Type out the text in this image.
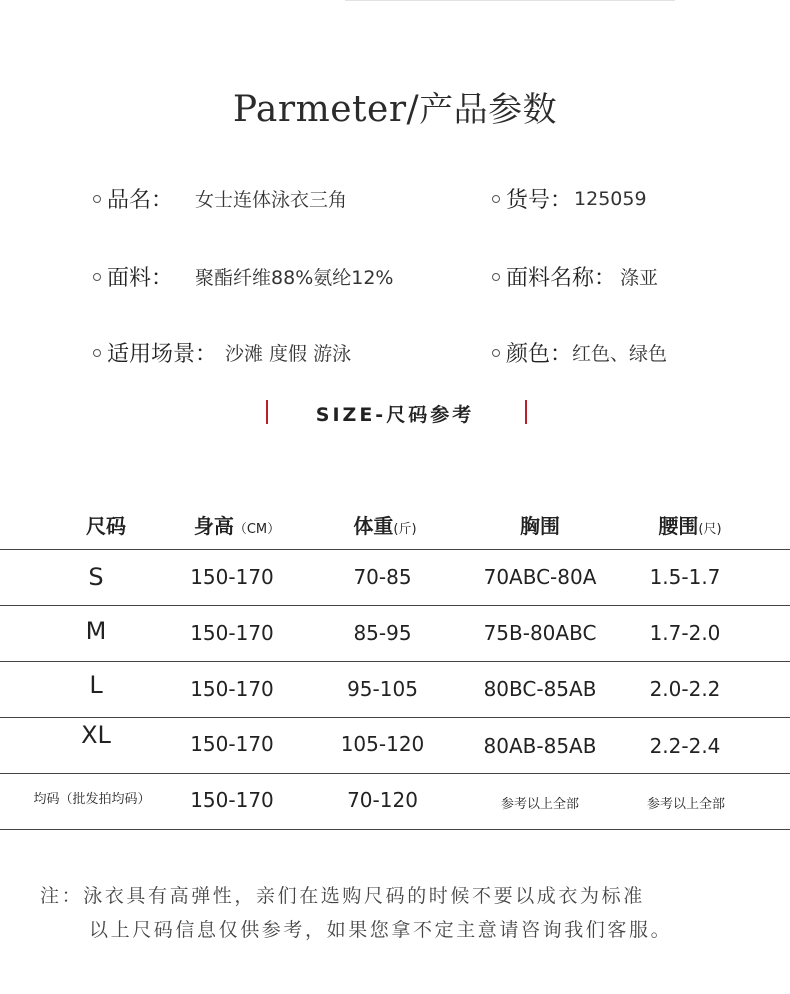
Parmeter/产品参数
品名： 女士连体泳衣三角	货号： 125059
面料： 聚酯纤维88%氨纶12%	面料名称： 涤亚
适用场景： 沙滩 度假 游泳	颜色： 红色、绿色
SIZE-尺码参考
尺码	身高（CM）	体重(斤)	胸围	腰围(尺)
S	150-170	70-85	70ABC-80A	1.5-1.7
M	150-170	85-95	75B-80ABC	1.7-2.0
L	150-170	95-105	80BC-85AB	2.0-2.2
XL	150-170	105-120	80AB-85AB	2.2-2.4
均码（批发拍均码）	150-170	70-120	参考以上全部	参考以上全部
注：泳衣具有高弹性，亲们在选购尺码的时候不要以成衣为标准
以上尺码信息仅供参考，如果您拿不定主意请咨询我们客服。
